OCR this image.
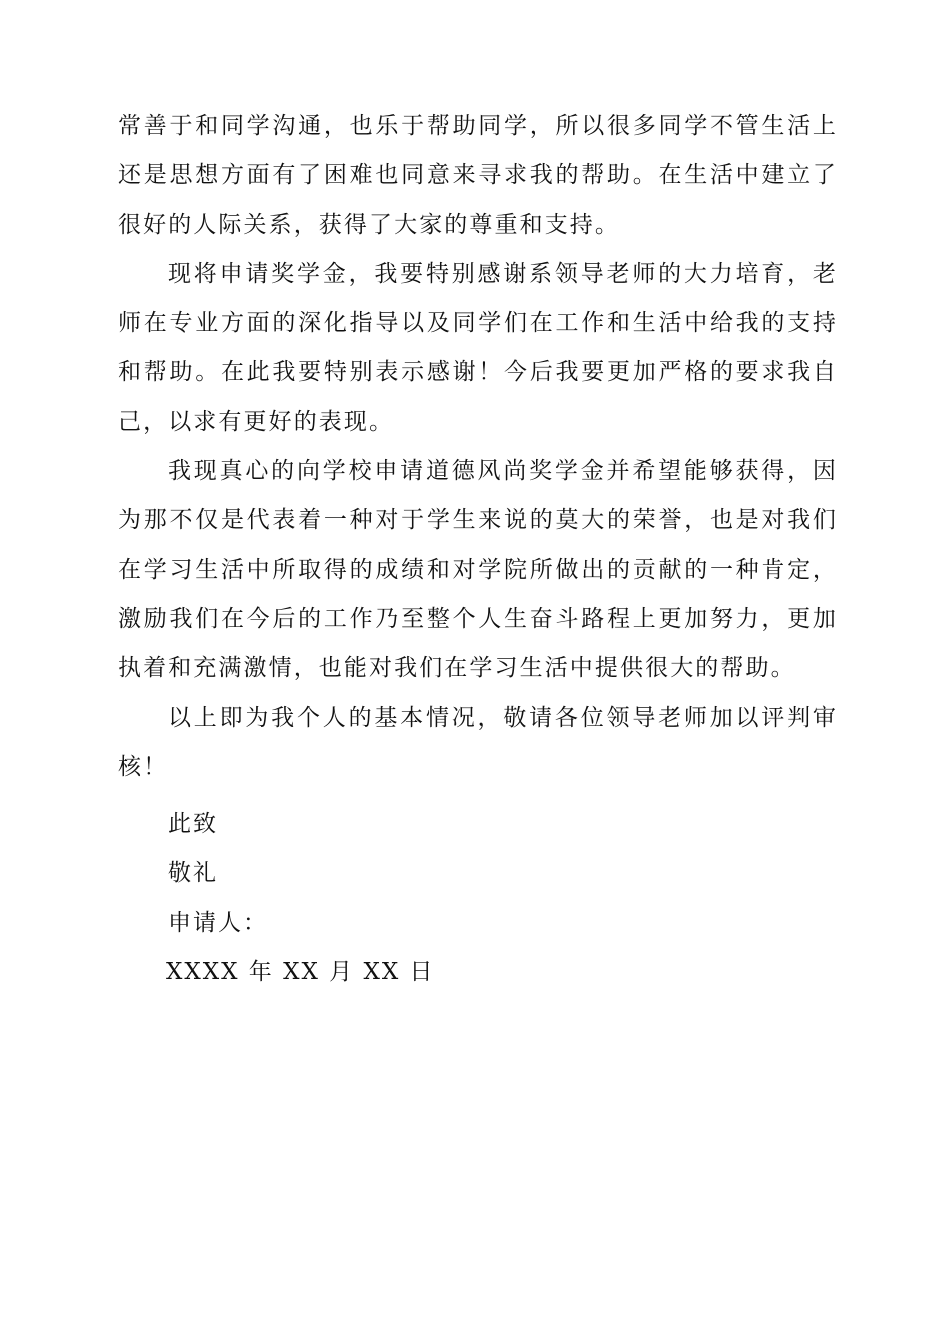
常善于和同学沟通，也乐于帮助同学，所以很多同学不管生活上还是思想方面有了困难也同意来寻求我的帮助。在生活中建立了很好的人际关系，获得了大家的尊重和支持。

现将申请奖学金，我要特别感谢系领导老师的大力培育，老师在专业方面的深化指导以及同学们在工作和生活中给我的支持和帮助。在此我要特别表示感谢！今后我要更加严格的要求我自己，以求有更好的表现。

我现真心的向学校申请道德风尚奖学金并希望能够获得，因为那不仅是代表着一种对于学生来说的莫大的荣誉，也是对我们在学习生活中所取得的成绩和对学院所做出的贡献的一种肯定，激励我们在今后的工作乃至整个人生奋斗路程上更加努力，更加执着和充满激情，也能对我们在学习生活中提供很大的帮助。

以上即为我个人的基本情况，敬请各位领导老师加以评判审核！

此致
敬礼
申请人：
XXXX 年 XX 月 XX 日
